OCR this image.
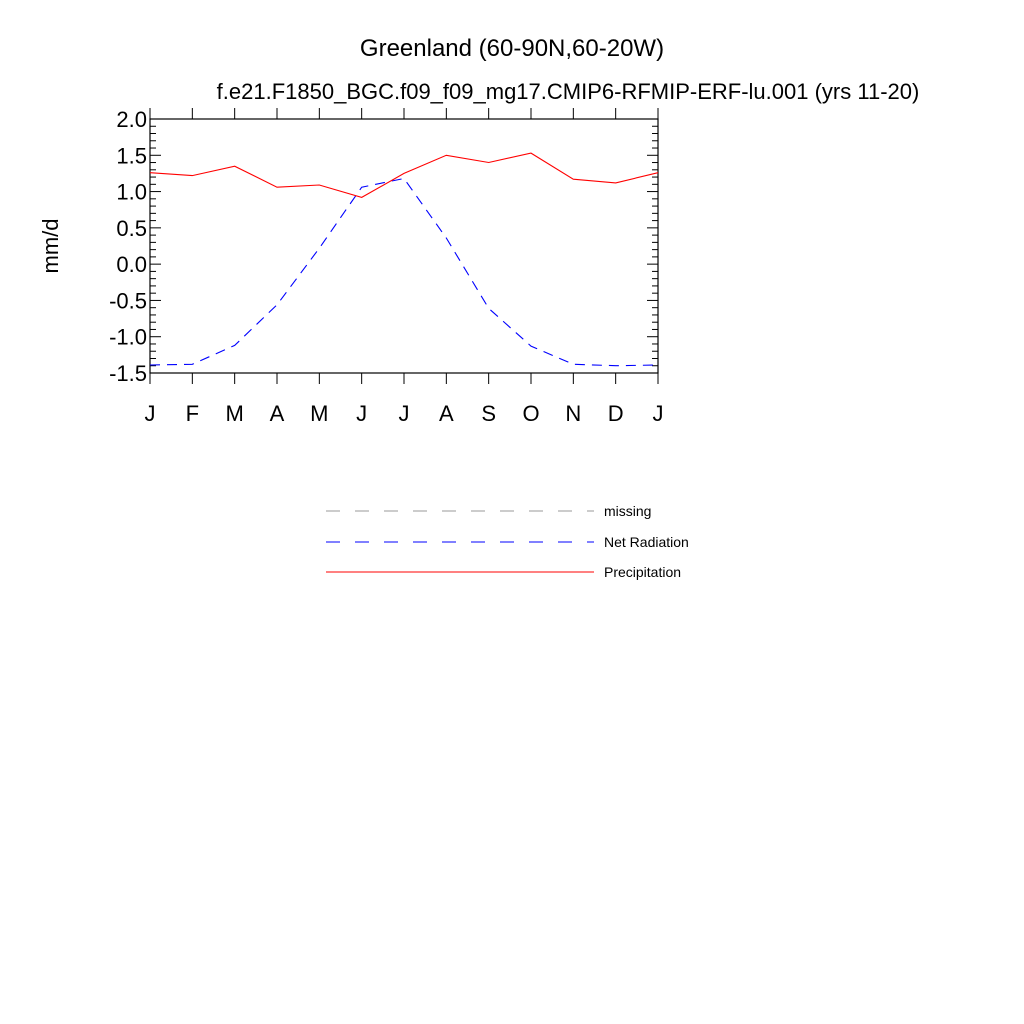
Greenland (60-90N,60-20W)
f.e21.F1850_BGC.f09_f09_mg17.CMIP6-RFMIP-ERF-lu.001 (yrs 11-20)
mm/d
2.0
1.5
1.0
0.5
0.0
-0.5
-1.0
-1.5
J F M A M J J A S O N D J
missing
Net Radiation
Precipitation
